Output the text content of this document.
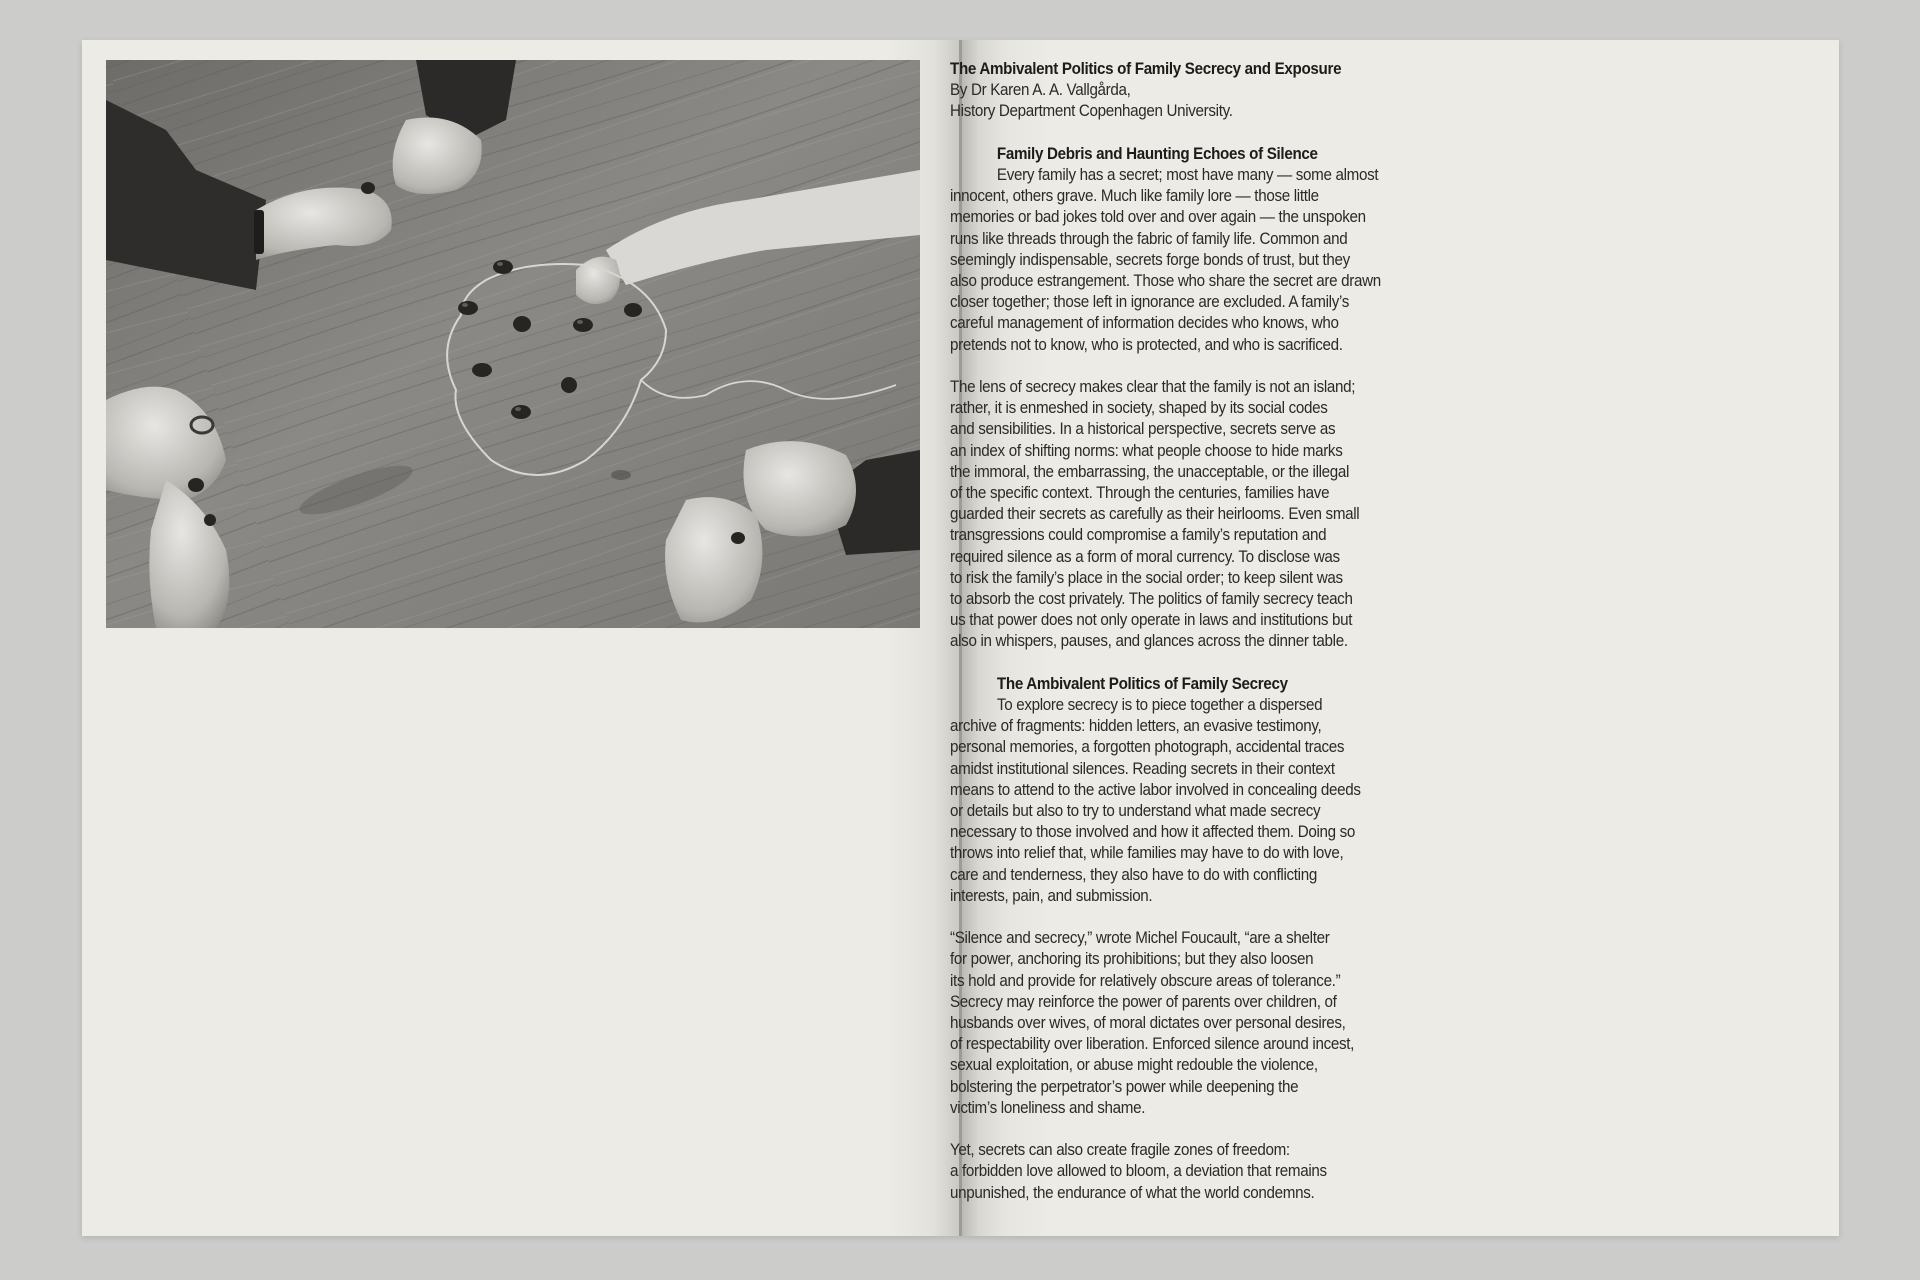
The Ambivalent Politics of Family Secrecy and Exposure
By Dr Karen A. A. Vallgårda,
History Department Copenhagen University.
Family Debris and Haunting Echoes of Silence
Every family has a secret; most have many — some almost
innocent, others grave. Much like family lore — those little
memories or bad jokes told over and over again — the unspoken
runs like threads through the fabric of family life. Common and
seemingly indispensable, secrets forge bonds of trust, but they
also produce estrangement. Those who share the secret are drawn
closer together; those left in ignorance are excluded. A family’s
careful management of information decides who knows, who
pretends not to know, who is protected, and who is sacrificed.
The lens of secrecy makes clear that the family is not an island;
rather, it is enmeshed in society, shaped by its social codes
and sensibilities. In a historical perspective, secrets serve as
an index of shifting norms: what people choose to hide marks
the immoral, the embarrassing, the unacceptable, or the illegal
of the specific context. Through the centuries, families have
guarded their secrets as carefully as their heirlooms. Even small
transgressions could compromise a family’s reputation and
required silence as a form of moral currency. To disclose was
to risk the family’s place in the social order; to keep silent was
to absorb the cost privately. The politics of family secrecy teach
us that power does not only operate in laws and institutions but
also in whispers, pauses, and glances across the dinner table.
The Ambivalent Politics of Family Secrecy
To explore secrecy is to piece together a dispersed
archive of fragments: hidden letters, an evasive testimony,
personal memories, a forgotten photograph, accidental traces
amidst institutional silences. Reading secrets in their context
means to attend to the active labor involved in concealing deeds
or details but also to try to understand what made secrecy
necessary to those involved and how it affected them. Doing so
throws into relief that, while families may have to do with love,
care and tenderness, they also have to do with conflicting
interests, pain, and submission.
“Silence and secrecy,” wrote Michel Foucault, “are a shelter
for power, anchoring its prohibitions; but they also loosen
its hold and provide for relatively obscure areas of tolerance.”
Secrecy may reinforce the power of parents over children, of
husbands over wives, of moral dictates over personal desires,
of respectability over liberation. Enforced silence around incest,
sexual exploitation, or abuse might redouble the violence,
bolstering the perpetrator’s power while deepening the
victim’s loneliness and shame.
Yet, secrets can also create fragile zones of freedom:
a forbidden love allowed to bloom, a deviation that remains
unpunished, the endurance of what the world condemns.
